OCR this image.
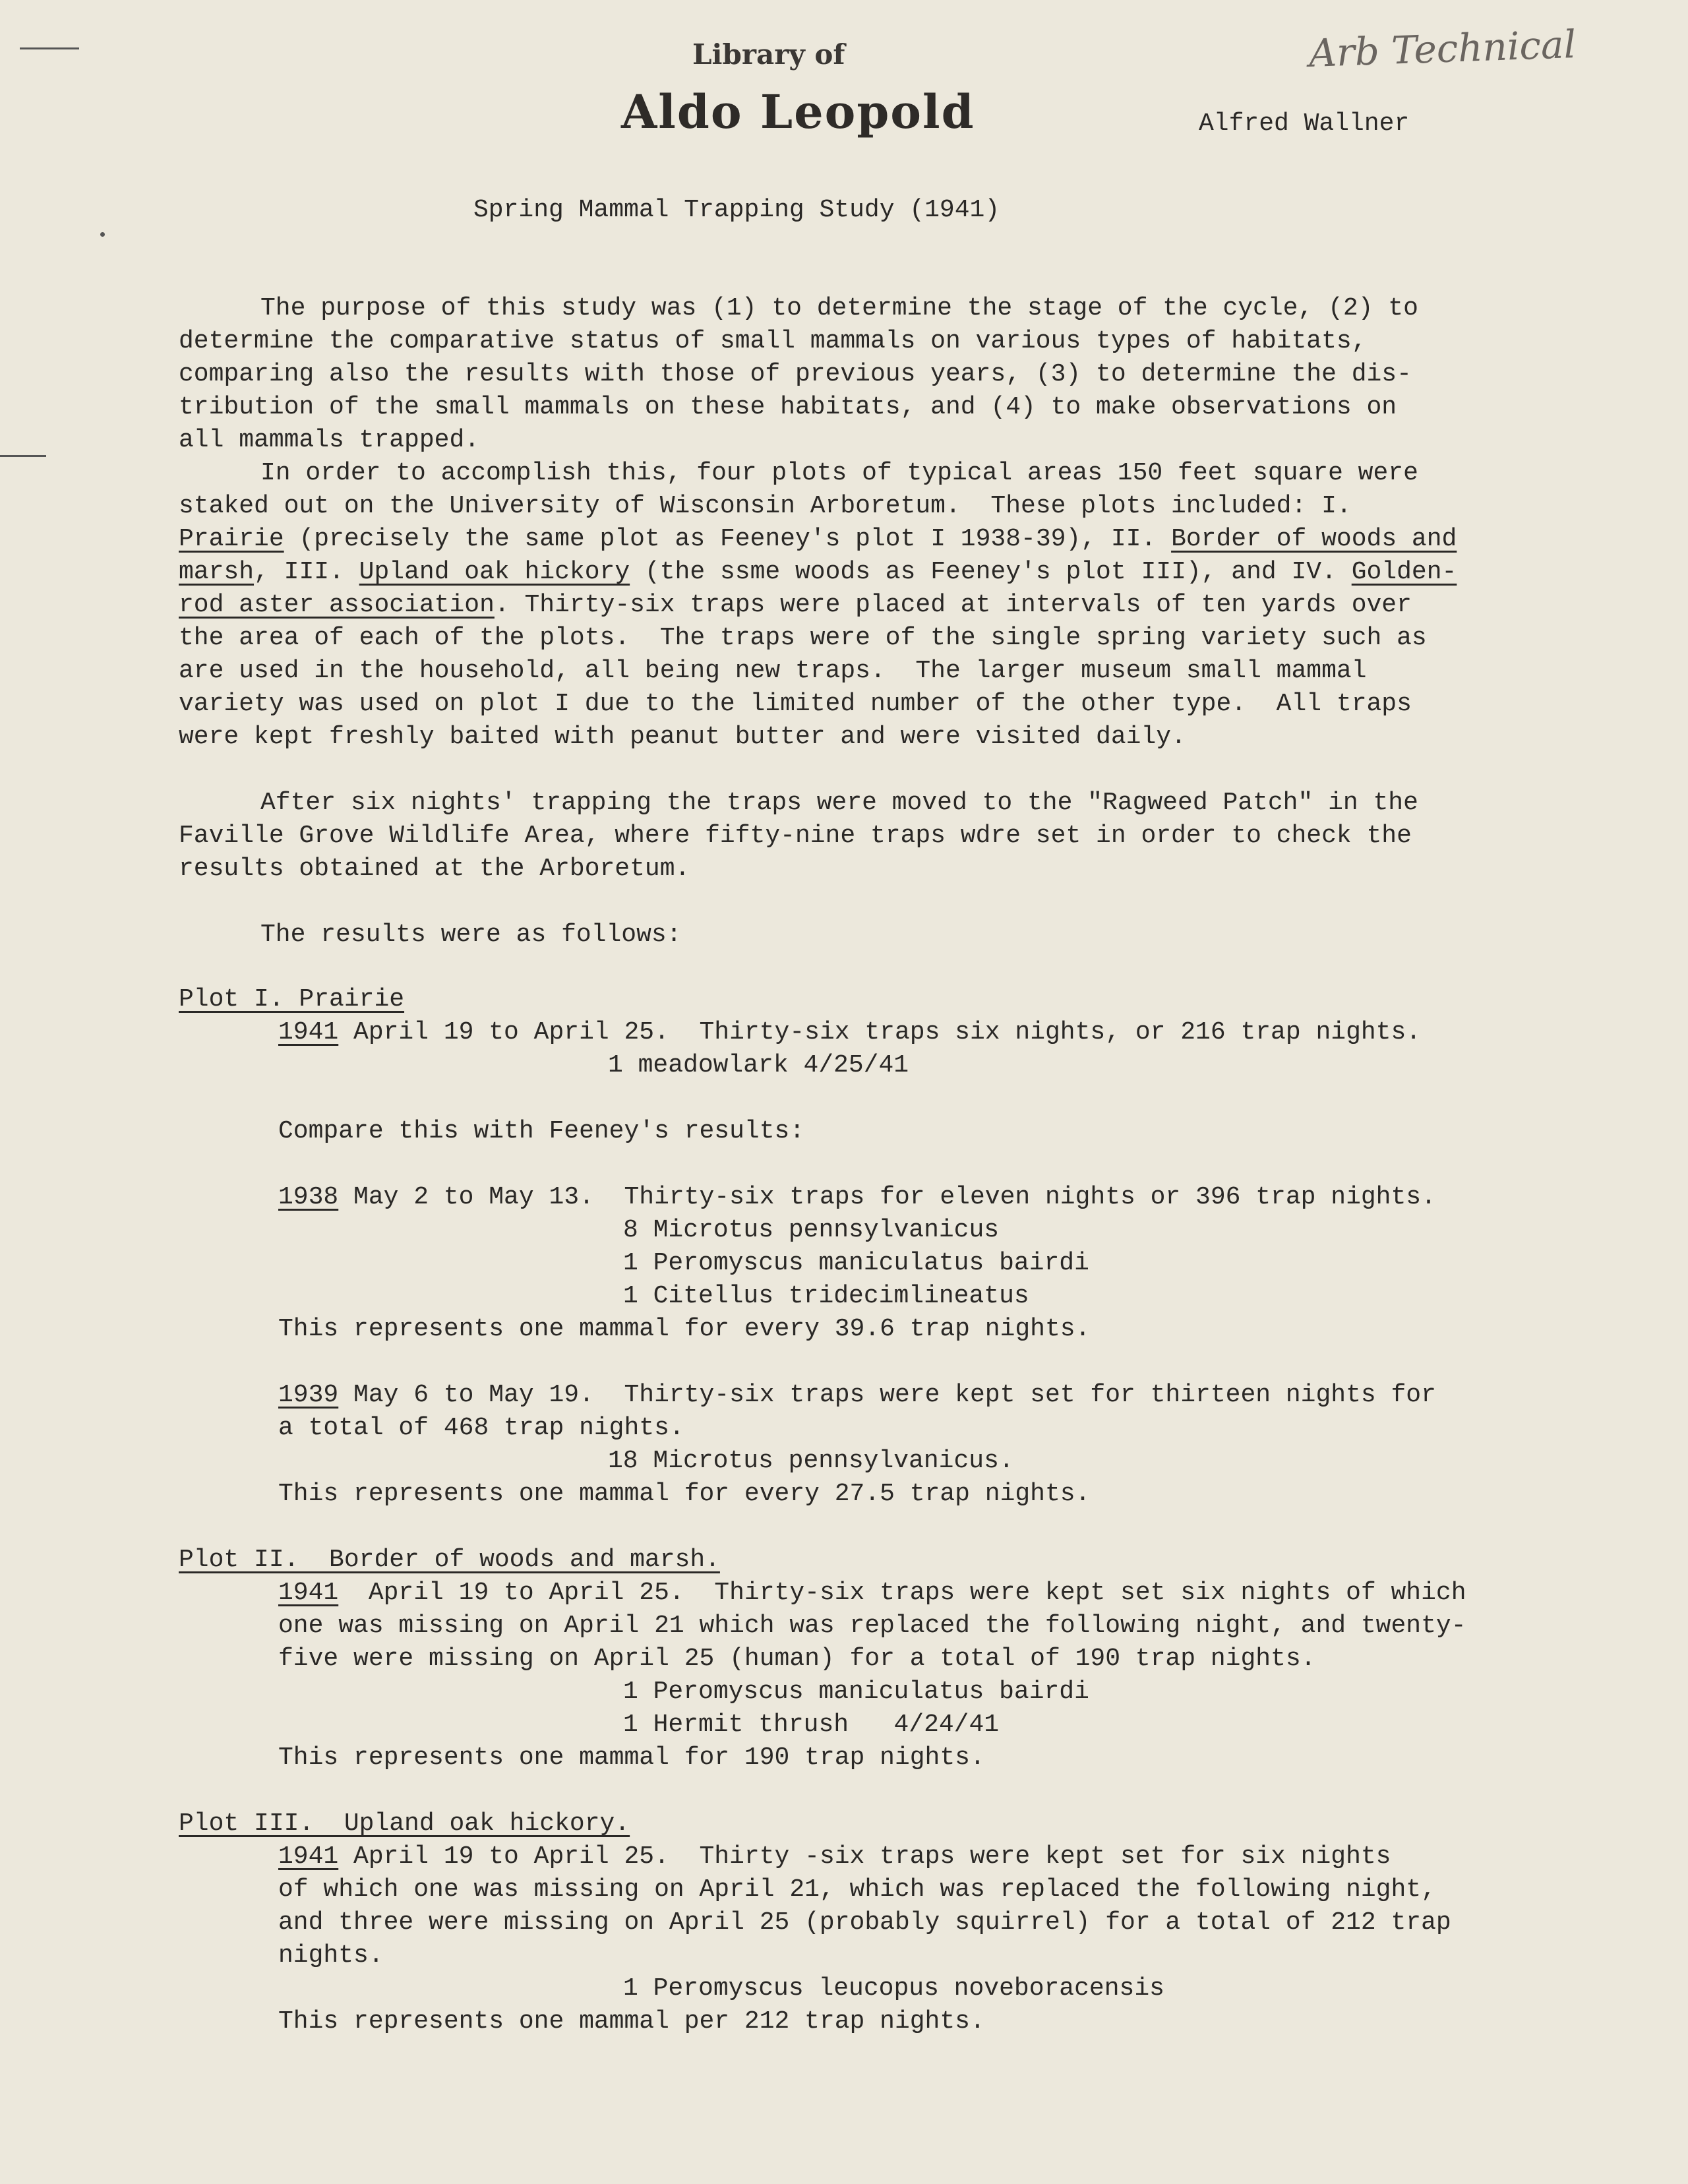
Library of
Aldo Leopold
Arb Technical
Alfred Wallner
Spring Mammal Trapping Study (1941)
The purpose of this study was (1) to determine the stage of the cycle, (2) to
determine the comparative status of small mammals on various types of habitats,
comparing also the results with those of previous years, (3) to determine the dis-
tribution of the small mammals on these habitats, and (4) to make observations on
all mammals trapped.
In order to accomplish this, four plots of typical areas 150 feet square were
staked out on the University of Wisconsin Arboretum.  These plots included: I.
Prairie (precisely the same plot as Feeney's plot I 1938-39), II. Border of woods and
marsh, III. Upland oak hickory (the ssme woods as Feeney's plot III), and IV. Golden-
rod aster association. Thirty-six traps were placed at intervals of ten yards over
the area of each of the plots.  The traps were of the single spring variety such as
are used in the household, all being new traps.  The larger museum small mammal
variety was used on plot I due to the limited number of the other type.  All traps
were kept freshly baited with peanut butter and were visited daily.
After six nights' trapping the traps were moved to the "Ragweed Patch" in the
Faville Grove Wildlife Area, where fifty-nine traps wdre set in order to check the
results obtained at the Arboretum.
The results were as follows:
Plot I. Prairie
1941 April 19 to April 25.  Thirty-six traps six nights, or 216 trap nights.
1 meadowlark 4/25/41
Compare this with Feeney's results:
1938 May 2 to May 13.  Thirty-six traps for eleven nights or 396 trap nights.
8 Microtus pennsylvanicus
1 Peromyscus maniculatus bairdi
1 Citellus tridecimlineatus
This represents one mammal for every 39.6 trap nights.
1939 May 6 to May 19.  Thirty-six traps were kept set for thirteen nights for
a total of 468 trap nights.
18 Microtus pennsylvanicus.
This represents one mammal for every 27.5 trap nights.
Plot II.  Border of woods and marsh.
1941  April 19 to April 25.  Thirty-six traps were kept set six nights of which
one was missing on April 21 which was replaced the following night, and twenty-
five were missing on April 25 (human) for a total of 190 trap nights.
1 Peromyscus maniculatus bairdi
1 Hermit thrush   4/24/41
This represents one mammal for 190 trap nights.
Plot III.  Upland oak hickory.
1941 April 19 to April 25.  Thirty -six traps were kept set for six nights
of which one was missing on April 21, which was replaced the following night,
and three were missing on April 25 (probably squirrel) for a total of 212 trap
nights.
1 Peromyscus leucopus noveboracensis
This represents one mammal per 212 trap nights.
